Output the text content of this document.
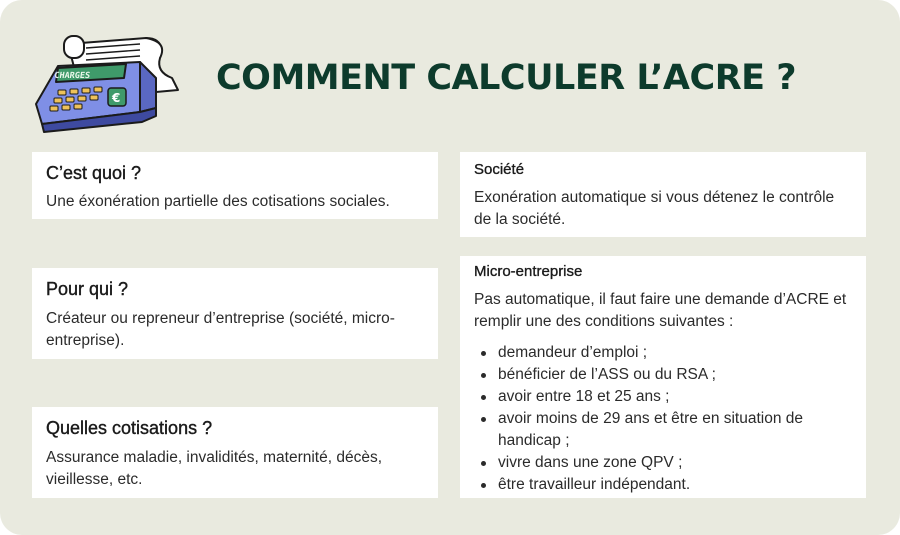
CHARGES
€	COMMENT CALCULER L’ACRE ?
C’est quoi ?

Une éxonération partielle des cotisations sociales.

Pour qui ?

Créateur ou repreneur d’entreprise (société, micro-entreprise).

Quelles cotisations ?

Assurance maladie, invalidités, maternité, décès, vieillesse, etc.

Société

Exonération automatique si vous détenez le contrôle de la société.

Micro-entreprise

Pas automatique, il faut faire une demande d’ACRE et remplir une des conditions suivantes :

demandeur d’emploi ;
bénéficier de l’ASS ou du RSA ;
avoir entre 18 et 25 ans ;
avoir moins de 29 ans et être en situation de handicap ;
vivre dans une zone QPV ;
être travailleur indépendant.
